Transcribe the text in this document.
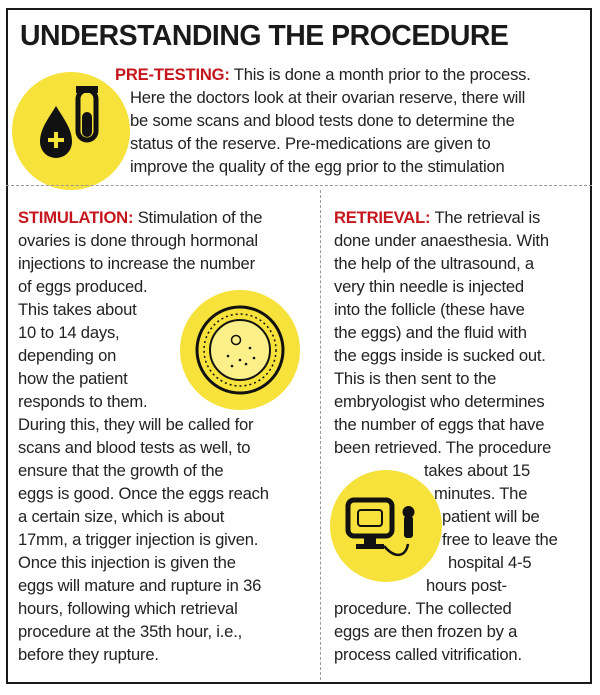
UNDERSTANDING THE PROCEDURE
PRE-TESTING: This is done a month prior to the process.
Here the doctors look at their ovarian reserve, there will
be some scans and blood tests done to determine the
status of the reserve. Pre-medications are given to
improve the quality of the egg prior to the stimulation
STIMULATION: Stimulation of the
ovaries is done through hormonal
injections to increase the number
of eggs produced.
This takes about
10 to 14 days,
depending on
how the patient
responds to them.
During this, they will be called for
scans and blood tests as well, to
ensure that the growth of the
eggs is good. Once the eggs reach
a certain size, which is about
17mm, a trigger injection is given.
Once this injection is given the
eggs will mature and rupture in 36
hours, following which retrieval
procedure at the 35th hour, i.e.,
before they rupture.
RETRIEVAL: The retrieval is
done under anaesthesia. With
the help of the ultrasound, a
very thin needle is injected
into the follicle (these have
the eggs) and the fluid with
the eggs inside is sucked out.
This is then sent to the
embryologist who determines
the number of eggs that have
been retrieved. The procedure
takes about 15
minutes. The
patient will be
free to leave the
hospital 4-5
hours post-
procedure. The collected
eggs are then frozen by a
process called vitrification.
